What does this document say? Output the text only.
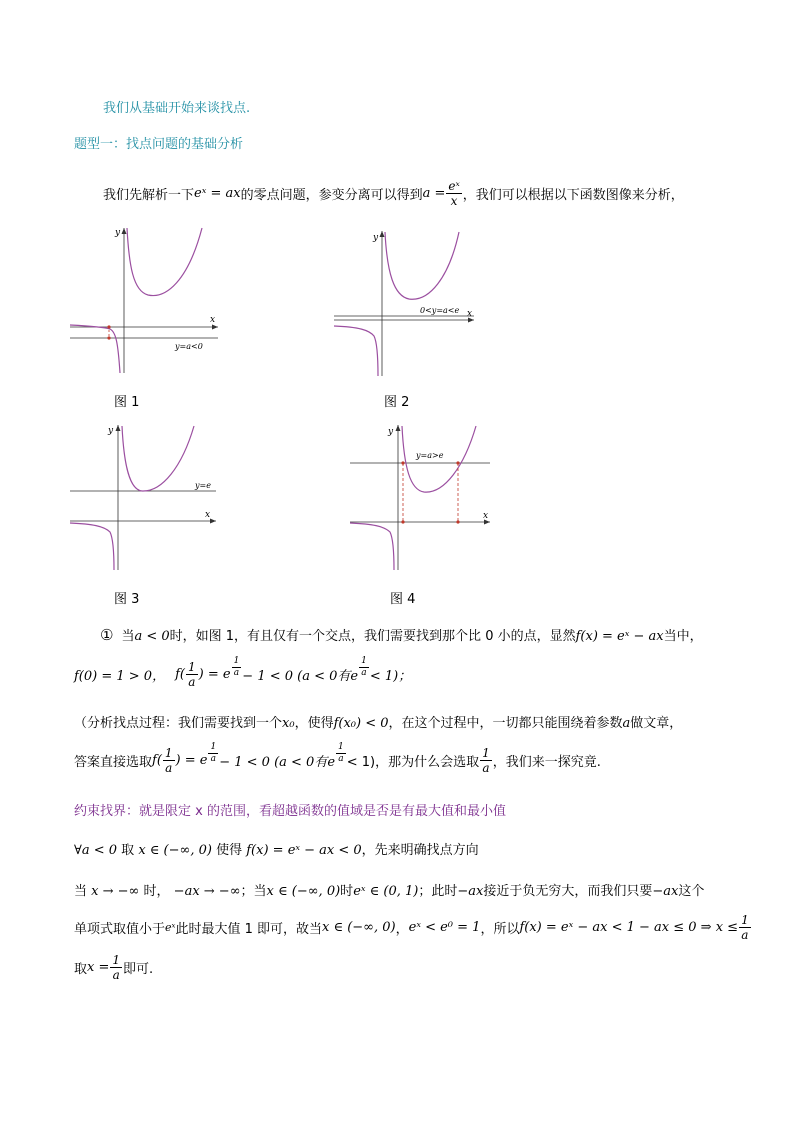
我们从基础开始来谈找点.
题型一：找点问题的基础分析
我们先解析一下 eˣ = ax 的零点问题，参变分离可以得到 $a = \frac{\text{eˣ}}{x}$ ，我们可以根据以下函数图像来分析，
x
y
y=a<0
图 1
x
y
0<y=a<e
图 2
x
y
y=e
图 3
x
y
y=a>e
图 4
① 当a < 0时，如图 1，有且仅有一个交点，我们需要找到那个比 0 小的点，显然f(x) = eˣ − ax当中，
f(0) = 1 > 0， $f( \frac{1}{a}$ ) = e $\frac{1}{a} - 1 < 0$ (a < 0有e $\frac{1}{a} < 1$)；
（分析找点过程：我们需要找到一个x₀，使得f(x₀) < 0，在这个过程中，一切都只能围绕着参数a做文章，
答案直接选取 $f( \frac{1}{a}$ ) = e $\frac{1}{a} - 1 < 0$ (a < 0有e $\frac{1}{a} < 1$)，那为什么会选取 $\frac{1}{a}$ ，我们来一探究竟.
约束找界：就是限定 x 的范围，看超越函数的值域是否是有最大值和最小值
∀a < 0 取 x ∈ (−∞, 0) 使得 f(x) = eˣ − ax < 0，先来明确找点方向
当 x → −∞ 时， −ax → −∞；当x ∈ (−∞, 0)时eˣ ∈ (0, 1)；此时−ax接近于负无穷大，而我们只要−ax这个
单项式取值小于 eˣ 此时最大值 1 即可，故当 x ∈ (−∞, 0) ， eˣ < e⁰ = 1 ，所以 f(x) = eˣ − ax < 1 − ax ≤ 0 ⇒ $x \le \frac{1}{a}$
取 $x = \frac{1}{a}$ 即可.
